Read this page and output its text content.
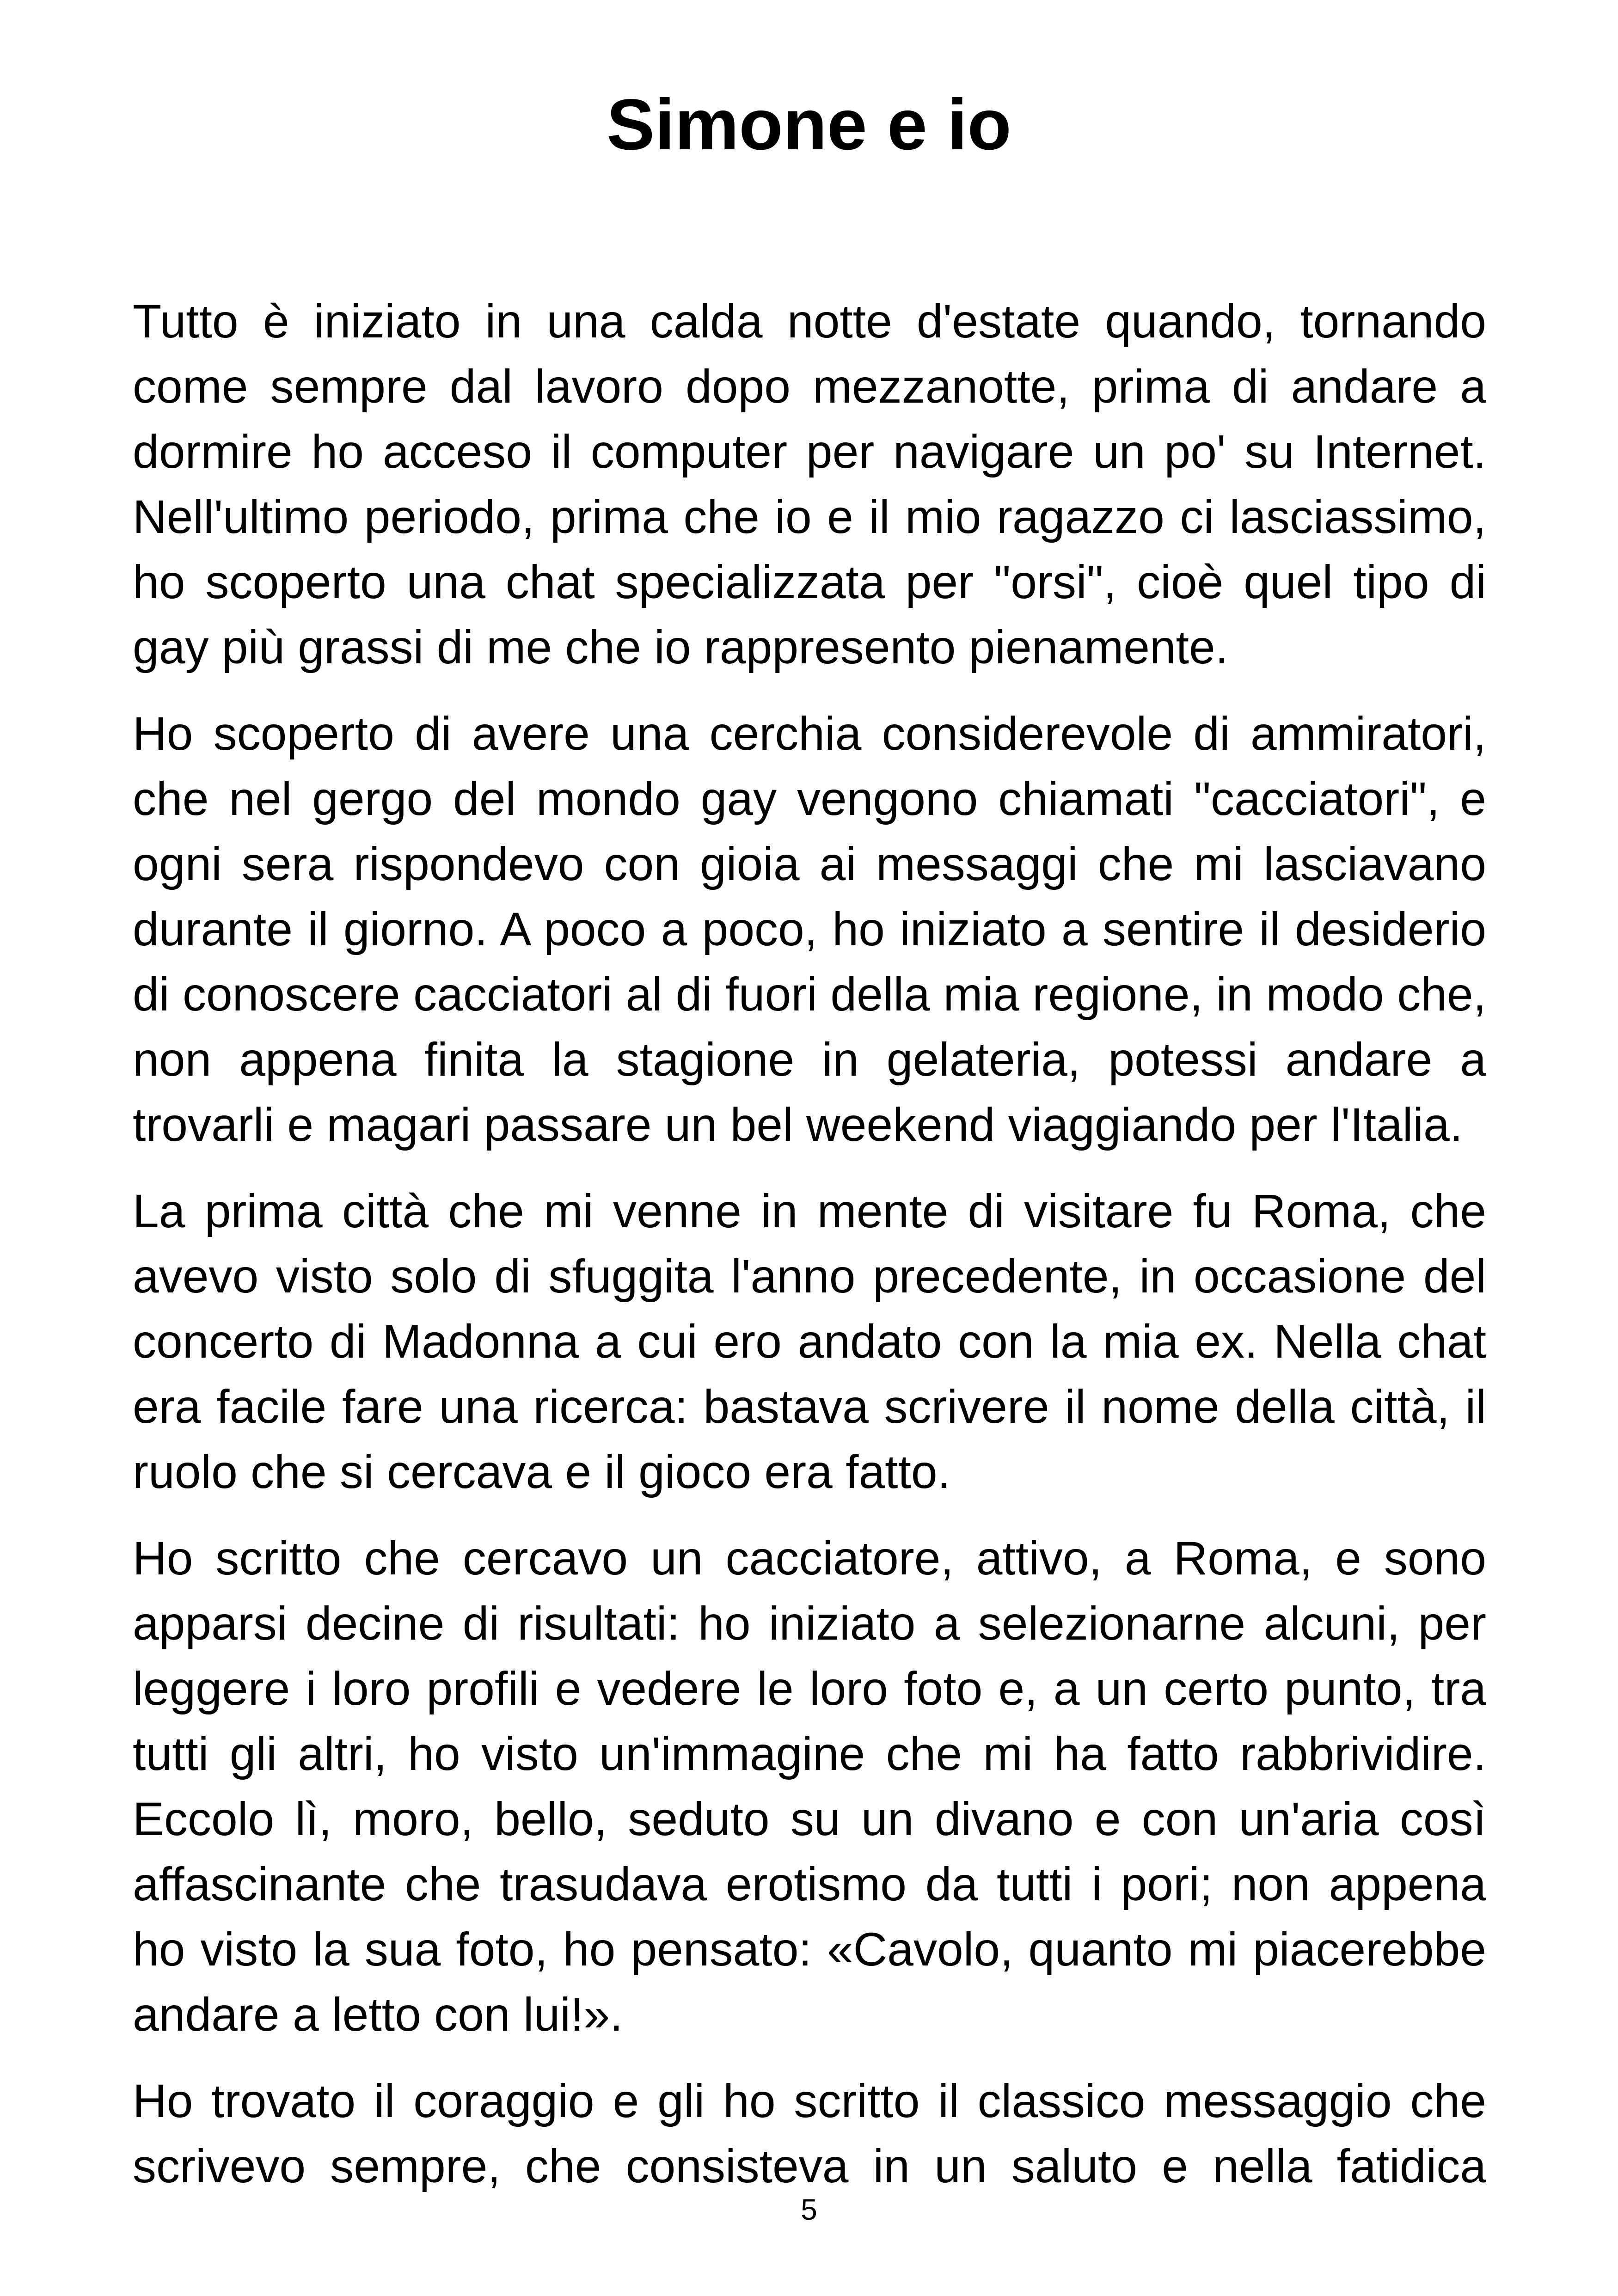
Simone e io

Tutto è iniziato in una calda notte d'estate quando, tornando come sempre dal lavoro dopo mezzanotte, prima di andare a dormire ho acceso il computer per navigare un po' su Internet. Nell'ultimo periodo, prima che io e il mio ragazzo ci lasciassimo, ho scoperto una chat specializzata per "orsi", cioè quel tipo di gay più grassi di me che io rappresento pienamente.

Ho scoperto di avere una cerchia considerevole di ammiratori, che nel gergo del mondo gay vengono chiamati "cacciatori", e ogni sera rispondevo con gioia ai messaggi che mi lasciavano durante il giorno. A poco a poco, ho iniziato a sentire il desiderio di conoscere cacciatori al di fuori della mia regione, in modo che, non appena finita la stagione in gelateria, potessi andare a trovarli e magari passare un bel weekend viaggiando per l'Italia.

La prima città che mi venne in mente di visitare fu Roma, che avevo visto solo di sfuggita l'anno precedente, in occasione del concerto di Madonna a cui ero andato con la mia ex. Nella chat era facile fare una ricerca: bastava scrivere il nome della città, il ruolo che si cercava e il gioco era fatto.

Ho scritto che cercavo un cacciatore, attivo, a Roma, e sono apparsi decine di risultati: ho iniziato a selezionarne alcuni, per leggere i loro profili e vedere le loro foto e, a un certo punto, tra tutti gli altri, ho visto un'immagine che mi ha fatto rabbrividire. Eccolo lì, moro, bello, seduto su un divano e con un'aria così affascinante che trasudava erotismo da tutti i pori; non appena ho visto la sua foto, ho pensato: «Cavolo, quanto mi piacerebbe andare a letto con lui!».

Ho trovato il coraggio e gli ho scritto il classico messaggio che scrivevo sempre, che consisteva in un saluto e nella fatidica

5
